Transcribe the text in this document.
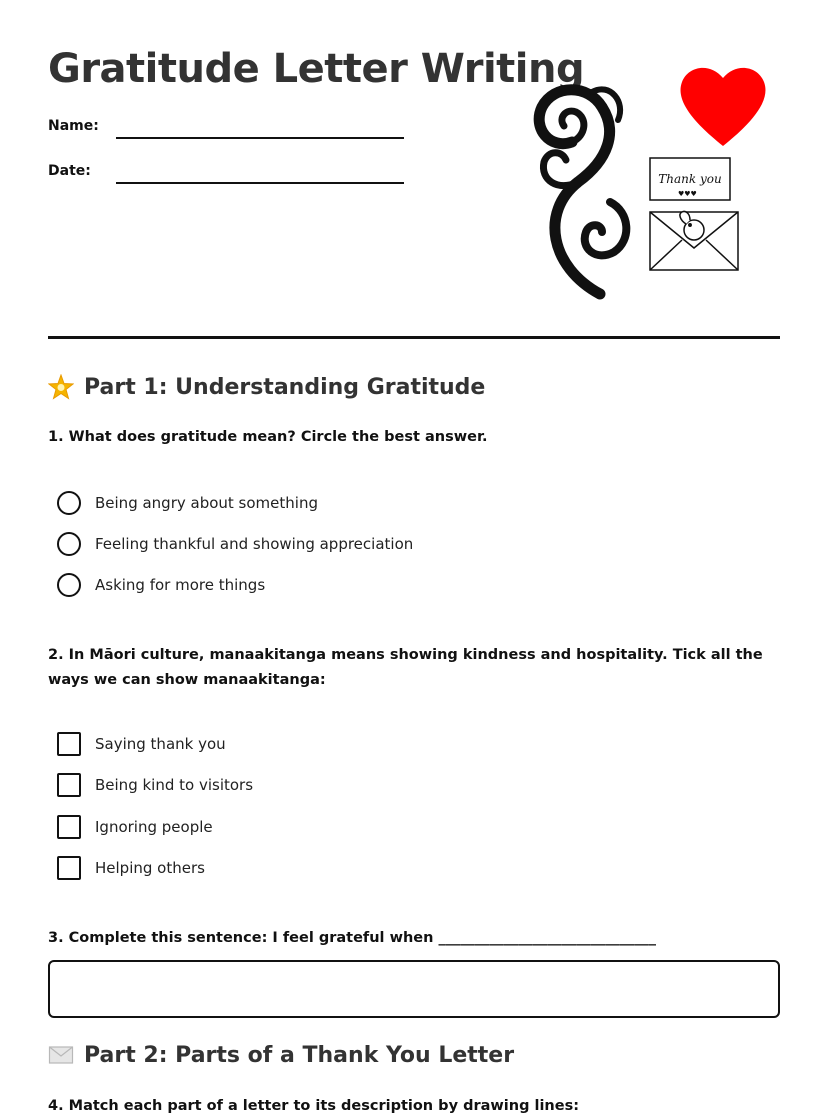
Gratitude Letter Writing
Name:
Date:	Thank you
♥♥♥
Part 1: Understanding Gratitude
1. What does gratitude mean? Circle the best answer.
Being angry about something
Feeling thankful and showing appreciation
Asking for more things
2. In Māori culture, manaakitanga means showing kindness and hospitality. Tick all the ways we can show manaakitanga:
Saying thank you
Being kind to visitors
Ignoring people
Helping others
3. Complete this sentence: I feel grateful when ______________________________
Part 2: Parts of a Thank You Letter
4. Match each part of a letter to its description by drawing lines:
